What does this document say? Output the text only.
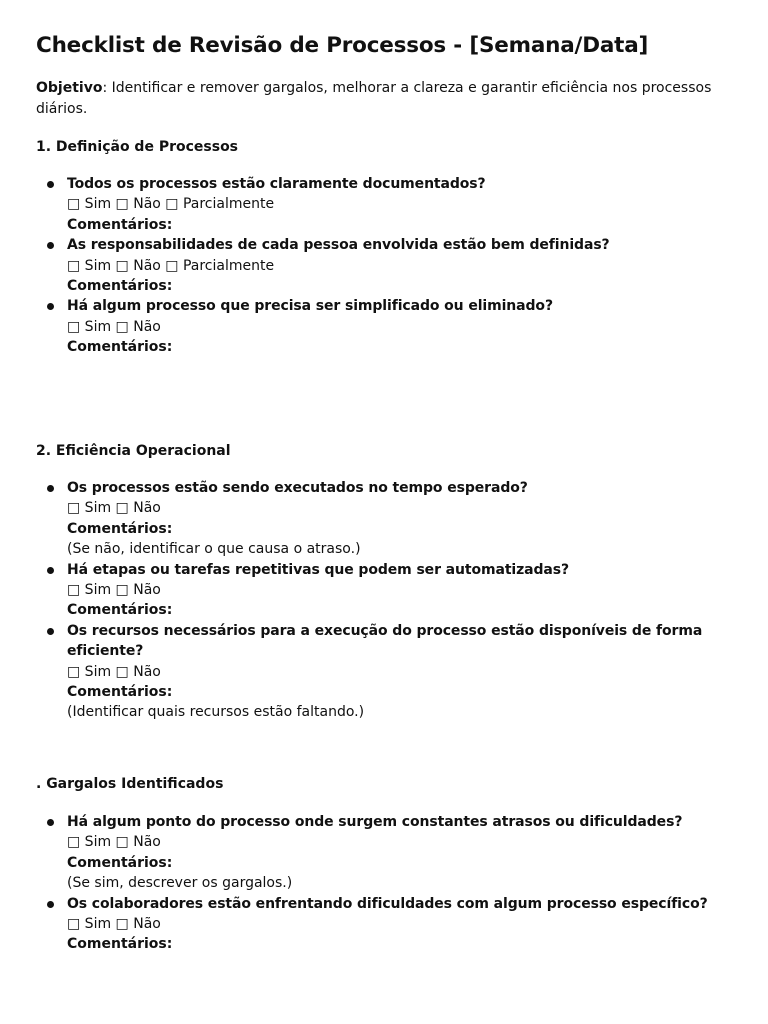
Checklist de Revisão de Processos - [Semana/Data]

Objetivo: Identificar e remover gargalos, melhorar a clareza e garantir eficiência nos processos diários.

1. Definição de Processos
Todos os processos estão claramente documentados?
□ Sim □ Não □ Parcialmente
Comentários:
As responsabilidades de cada pessoa envolvida estão bem definidas?
□ Sim □ Não □ Parcialmente
Comentários:
Há algum processo que precisa ser simplificado ou eliminado?
□ Sim □ Não
Comentários:
2. Eficiência Operacional
Os processos estão sendo executados no tempo esperado?
□ Sim □ Não
Comentários:
(Se não, identificar o que causa o atraso.)
Há etapas ou tarefas repetitivas que podem ser automatizadas?
□ Sim □ Não
Comentários:
Os recursos necessários para a execução do processo estão disponíveis de forma eficiente?
□ Sim □ Não
Comentários:
(Identificar quais recursos estão faltando.)
. Gargalos Identificados
Há algum ponto do processo onde surgem constantes atrasos ou dificuldades?
□ Sim □ Não
Comentários:
(Se sim, descrever os gargalos.)
Os colaboradores estão enfrentando dificuldades com algum processo específico?
□ Sim □ Não
Comentários:
